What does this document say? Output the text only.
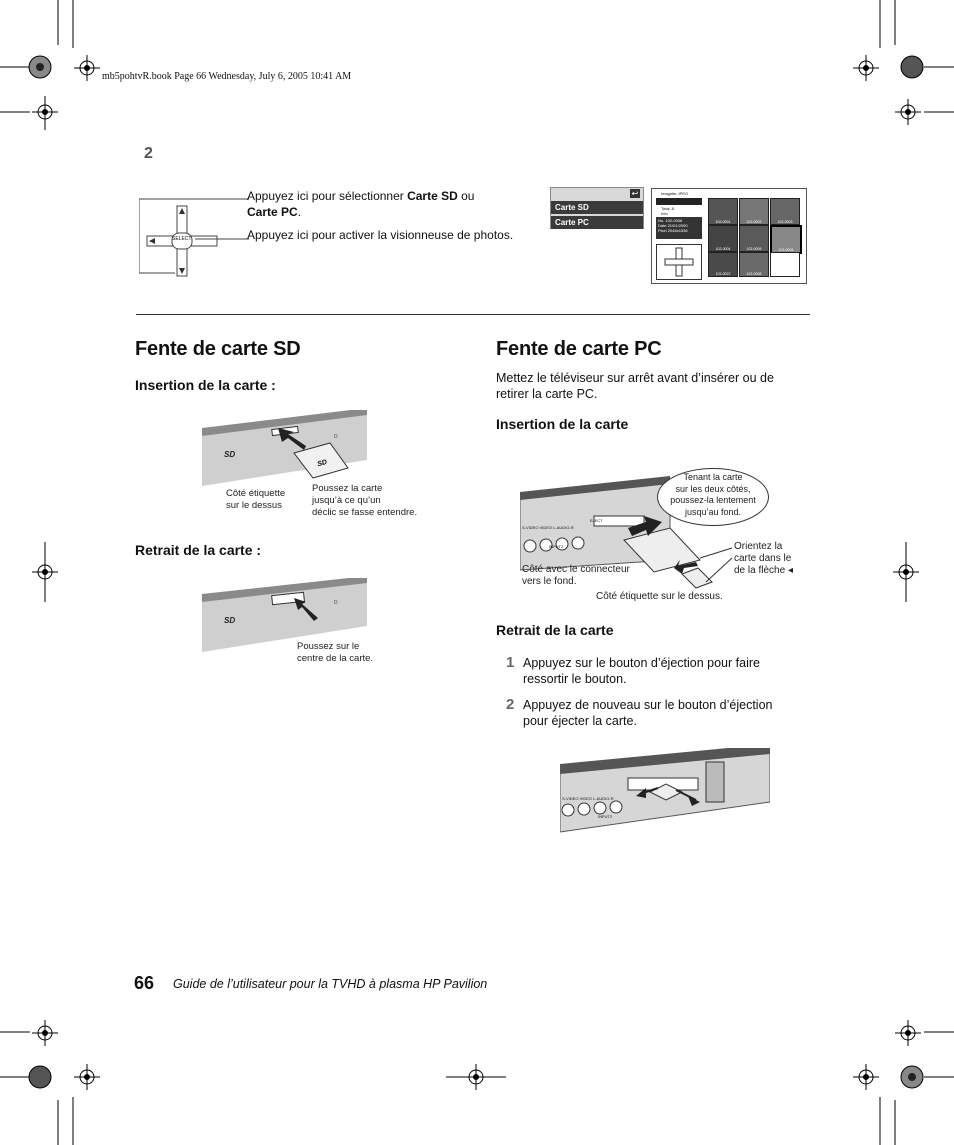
mb5pohtvR.book Page 66 Wednesday, July 6, 2005 10:41 AM
2
SELECT
Appuyez ici pour sélectionner Carte SD ou
Carte PC.
Appuyez ici pour activer la visionneuse de photos.
↩
Carte SD
Carte PC
Imagette JPEG
Total: 8
Info
No. 102-0006
Date 21/01/2000
Pixel 2048x1536
102-0001	102-0002	102-0003
102-0004	102-0005	102-0006
102-0007	102-0008
Fente de carte SD
Insertion de la carte :
SD
SD
D
Côté étiquette
sur le dessus
Poussez la carte
jusqu’à ce qu’un
déclic se fasse entendre.
Retrait de la carte :
SD
D
Poussez sur le
centre de la carte.
Fente de carte PC
Mettez le téléviseur sur arrêt avant d’insérer ou de
retirer la carte PC.
Insertion de la carte
S-VIDEO VIDEO L-AUDIO-R
INPUT2
EJECT
Tenant la carte
sur les deux côtés,
poussez-la lentement
jusqu’au fond.
Orientez la
carte dans le
de la flèche ◂
Côté avec le connecteur
vers le fond.
Côté étiquette sur le dessus.
Retrait de la carte
1 Appuyez sur le bouton d’éjection pour faire
ressortir le bouton.
2 Appuyez de nouveau sur le bouton d’éjection
pour éjecter la carte.
S-VIDEO VIDEO L-AUDIO-R
INPUT2
66 Guide de l’utilisateur pour la TVHD à plasma HP Pavilion
